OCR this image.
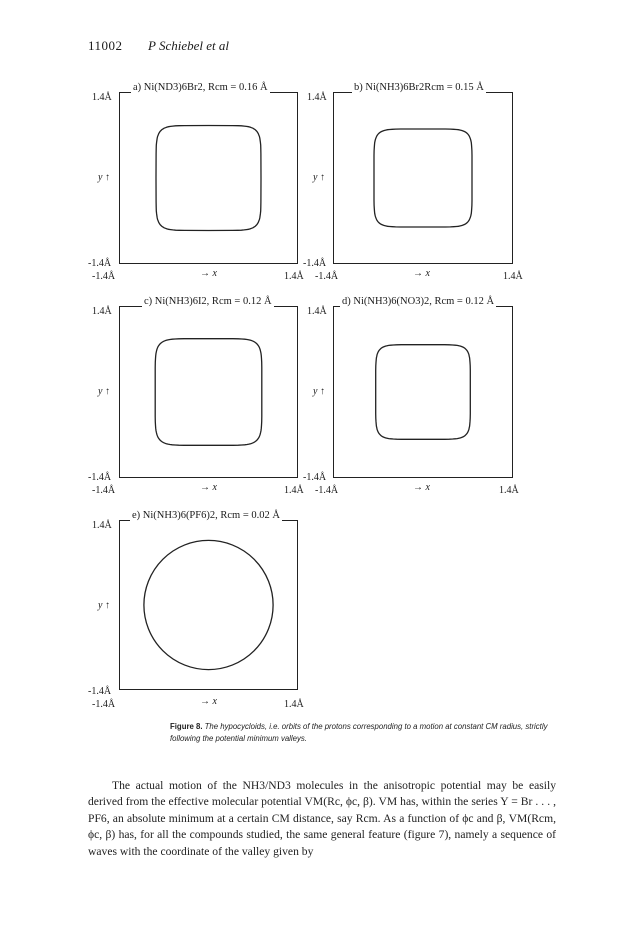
11002 P Schiebel et al
a) Ni(ND3)6Br2, Rcm = 0.16 Å
1.4Å
y ↑
-1.4Å
-1.4Å	→ x	1.4Å
b) Ni(NH3)6Br2Rcm = 0.15 Å
1.4Å
y ↑
-1.4Å
-1.4Å	→ x	1.4Å
c) Ni(NH3)6I2, Rcm = 0.12 Å
1.4Å
y ↑
-1.4Å
-1.4Å	→ x	1.4Å
d) Ni(NH3)6(NO3)2, Rcm = 0.12 Å
1.4Å
y ↑
-1.4Å
-1.4Å	→ x	1.4Å
e) Ni(NH3)6(PF6)2, Rcm = 0.02 Å
1.4Å
y ↑
-1.4Å
-1.4Å	→ x	1.4Å
Figure 8. The hypocycloids, i.e. orbits of the protons corresponding to a motion at constant CM radius, strictly following the potential minimum valleys.

The actual motion of the NH3/ND3 molecules in the anisotropic potential may be easily derived from the effective molecular potential VM(Rc, ϕc, β). VM has, within the series Y = Br . . . , PF6, an absolute minimum at a certain CM distance, say Rcm. As a function of ϕc and β, VM(Rcm, ϕc, β) has, for all the compounds studied, the same general feature (figure 7), namely a sequence of waves with the coordinate of the valley given by
